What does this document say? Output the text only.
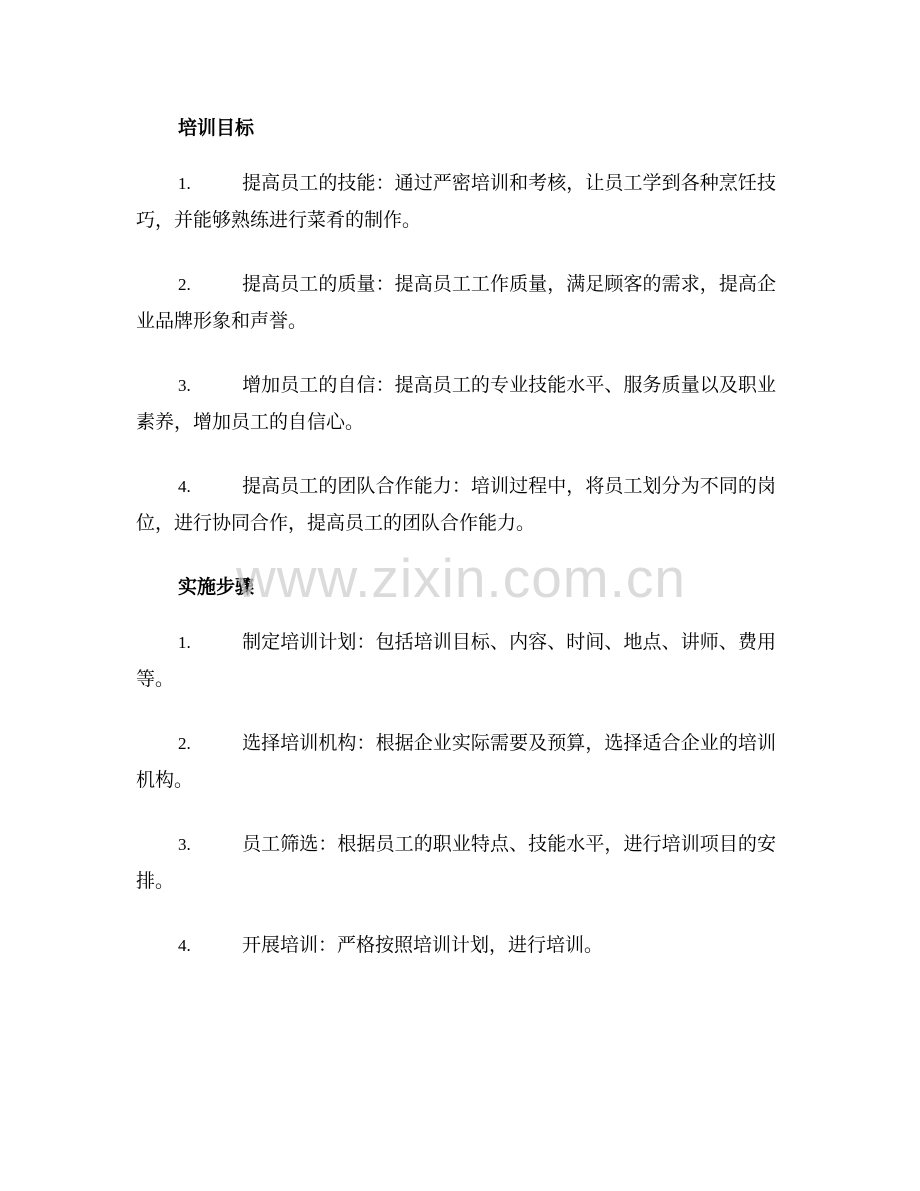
培训目标

1.	提高员工的技能：通过严密培训和考核，让员工学到各种烹饪技巧，并能够熟练进行菜肴的制作。

2.	提高员工的质量：提高员工工作质量，满足顾客的需求，提高企业品牌形象和声誉。

3.	增加员工的自信：提高员工的专业技能水平、服务质量以及职业素养，增加员工的自信心。

4.	提高员工的团队合作能力：培训过程中，将员工划分为不同的岗位，进行协同合作，提高员工的团队合作能力。

实施步骤

1.	制定培训计划：包括培训目标、内容、时间、地点、讲师、费用等。

2.	选择培训机构：根据企业实际需要及预算，选择适合企业的培训机构。

3.	员工筛选：根据员工的职业特点、技能水平，进行培训项目的安排。

4.	开展培训：严格按照培训计划，进行培训。

www.zixin.com.cn
